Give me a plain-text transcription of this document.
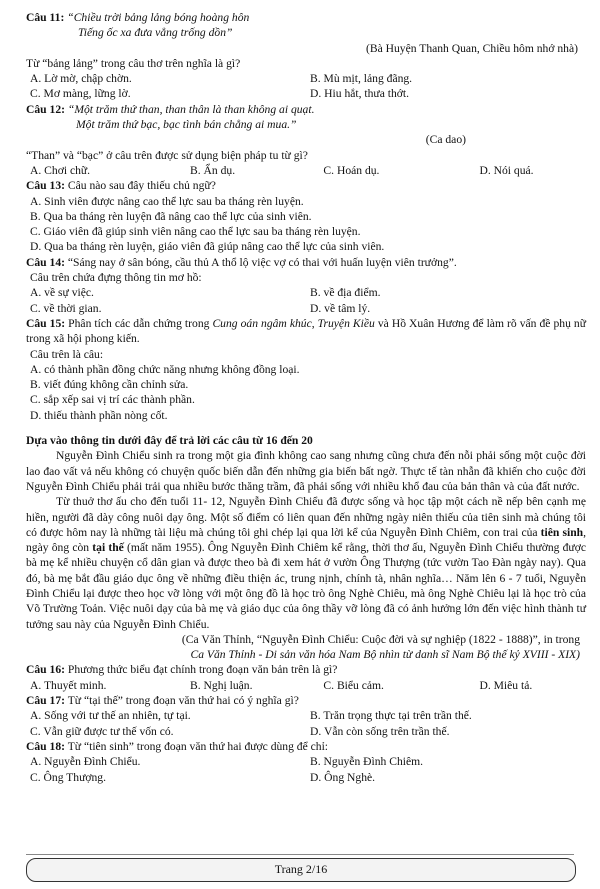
Câu 11:
“Chiều trời bảng lảng bóng hoàng hôn
Tiếng ốc xa đưa vẳng trống dồn”
(Bà Huyện Thanh Quan, Chiều hôm nhớ nhà)
Từ “bảng lảng” trong câu thơ trên nghĩa là gì?
A. Lờ mờ, chập chờn.	B. Mù mịt, lảng đãng.
C. Mơ màng, lững lờ.	D. Hiu hắt, thưa thớt.
Câu 12:
“Một trăm thứ than, than thân là than không ai quạt.
Một trăm thứ bạc, bạc tình bán chẳng ai mua.”
(Ca dao)
“Than” và “bạc” ở câu trên được sử dụng biện pháp tu từ gì?
A. Chơi chữ.	B. Ẩn dụ.	C. Hoán dụ.	D. Nói quá.
Câu 13: Câu nào sau đây thiếu chủ ngữ?
A. Sinh viên được nâng cao thể lực sau ba tháng rèn luyện.
B. Qua ba tháng rèn luyện đã nâng cao thể lực của sinh viên.
C. Giáo viên đã giúp sinh viên nâng cao thể lực sau ba tháng rèn luyện.
D. Qua ba tháng rèn luyện, giáo viên đã giúp nâng cao thể lực của sinh viên.
Câu 14: “Sáng nay ở sân bóng, cầu thủ A thổ lộ việc vợ có thai với huấn luyện viên trưởng”.
Câu trên chứa đựng thông tin mơ hồ:
A. về sự việc.	B. về địa điểm.
C. về thời gian.	D. về tâm lý.
Câu 15: Phân tích các dẫn chứng trong Cung oán ngâm khúc, Truyện Kiều và Hồ Xuân Hương để làm rõ vấn đề phụ nữ trong xã hội phong kiến.
Câu trên là câu:
A. có thành phần đồng chức năng nhưng không đồng loại.
B. viết đúng không cần chỉnh sửa.
C. sắp xếp sai vị trí các thành phần.
D. thiếu thành phần nòng cốt.
Dựa vào thông tin dưới đây để trả lời các câu từ 16 đến 20
Nguyễn Đình Chiểu sinh ra trong một gia đình không cao sang nhưng cũng chưa đến nỗi phải sống một cuộc đời lao đao vất vả nếu không có chuyện quốc biến dẫn đến những gia biến bất ngờ. Thực tế tàn nhẫn đã khiến cho cuộc đời Nguyễn Đình Chiểu phải trải qua nhiều bước thăng trầm, đã phải sống với nhiều khổ đau của bản thân và của đất nước.
Từ thuở thơ ấu cho đến tuổi 11- 12, Nguyễn Đình Chiểu đã được sống và học tập một cách nề nếp bên cạnh mẹ hiền, người đã dày công nuôi dạy ông. Một số điểm có liên quan đến những ngày niên thiếu của tiên sinh mà chúng tôi có được hôm nay là những tài liệu mà chúng tôi ghi chép lại qua lời kể của Nguyễn Đình Chiêm, con trai của tiên sinh, ngày ông còn tại thế (mất năm 1955). Ông Nguyễn Đình Chiêm kể rằng, thời thơ ấu, Nguyễn Đình Chiểu thường được bà mẹ kể nhiều chuyện cổ dân gian và được theo bà đi xem hát ở vườn Ông Thượng (tức vườn Tao Đàn ngày nay). Qua đó, bà mẹ bắt đầu giáo dục ông về những điều thiện ác, trung nịnh, chính tà, nhân nghĩa… Năm lên 6 - 7 tuổi, Nguyễn Đình Chiểu lại được theo học vỡ lòng với một ông đồ là học trò ông Nghè Chiêu, mà ông Nghè Chiêu lại là học trò của Võ Trường Toản. Việc nuôi dạy của bà mẹ và giáo dục của ông thầy vỡ lòng đã có ảnh hưởng lớn đến việc hình thành tư tưởng sau này của Nguyễn Đình Chiểu.
(Ca Văn Thỉnh, “Nguyễn Đình Chiểu: Cuộc đời và sự nghiệp (1822 - 1888)”, in trong
Ca Văn Thỉnh - Di sản văn hóa Nam Bộ nhìn từ danh sĩ Nam Bộ thế kỷ XVIII - XIX)
Câu 16: Phương thức biểu đạt chính trong đoạn văn bản trên là gì?
A. Thuyết minh.	B. Nghị luận.	C. Biểu cảm.	D. Miêu tả.
Câu 17: Từ “tại thế” trong đoạn văn thứ hai có ý nghĩa gì?
A. Sống với tư thế an nhiên, tự tại.	B. Trăn trọng thực tại trên trần thế.
C. Vẫn giữ được tư thế vốn có.	D. Vẫn còn sống trên trần thế.
Câu 18: Từ “tiên sinh” trong đoạn văn thứ hai được dùng để chỉ:
A. Nguyễn Đình Chiểu.	B. Nguyễn Đình Chiêm.
C. Ông Thượng.	D. Ông Nghè.
Trang 2/16
